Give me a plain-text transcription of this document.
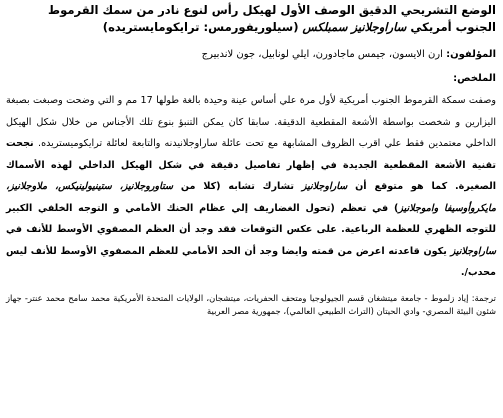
الوضع التشريحي الدقيق الوصف الأول لهيكل رأس لنوع نادر من سمك القرموط
الجنوب أمريكي ساراوجلانيز سمبلكس (سيلوريفورمس: ترايكومايستريده)
المؤلفون: ارن الايسون، جيمس ماجادورن، ايلي لونابيل، جون لاندبيرج
الملخص:
وصفت سمكة القرموط الجنوب أمريكية لأول مرة علي أساس عينة وحيدة بالغة طولها 17 مم و التي وضحت وصبغت بصبغة اليزارين و شخصت بواسطة الأشعة المقطعية الدقيقة. سابقا كان يمكن التنبؤ بنوع تلك الأجناس من خلال شكل الهيكل الداخلي معتمدين فقط علي اقرب الظروف المشابهة مع تحت عائلة ساراوجلانيدنه والتابعة لعائلة ترايكوميستريده. نجحت تقنية الأشعة المقطعية الجديدة في إظهار تفاصيل دقيقة في شكل الهيكل الداخلي لهذه الأسماك الصغيرة. كما هو متوقع أن ساراوجلانيز تشارك تشابه (كلا من ستاوروجلانيز، ستينيولينيكس، ملاوجلانيز، مايكروأوسيفا واموجلانيز) في تعظم (تحول الغضاريف إلي عظام الحنك الأمامي و التوجه الخلفي الكبير للتوجه الظهري للعظمة الرباعية. على عكس التوقعات فقد وجد أن العظم المصفوي الأوسط للأنف في ساراوجلانيز يكون قاعدته اعرض من قمته وايضا وجد أن الحد الأمامي للعظم المصفوي الأوسط للأنف ليس محدب/.
ترجمة: إياد زلموط - جامعة ميتشغان قسم الجيولوجيا ومتحف الحفريات، ميتشجان، الولايات المتحدة الأمريكية محمد سامح محمد عنتر- جهاز شئون البيئة المصري- وادي الحيتان (التراث الطبيعي العالمي)، جمهورية مصر العربية
